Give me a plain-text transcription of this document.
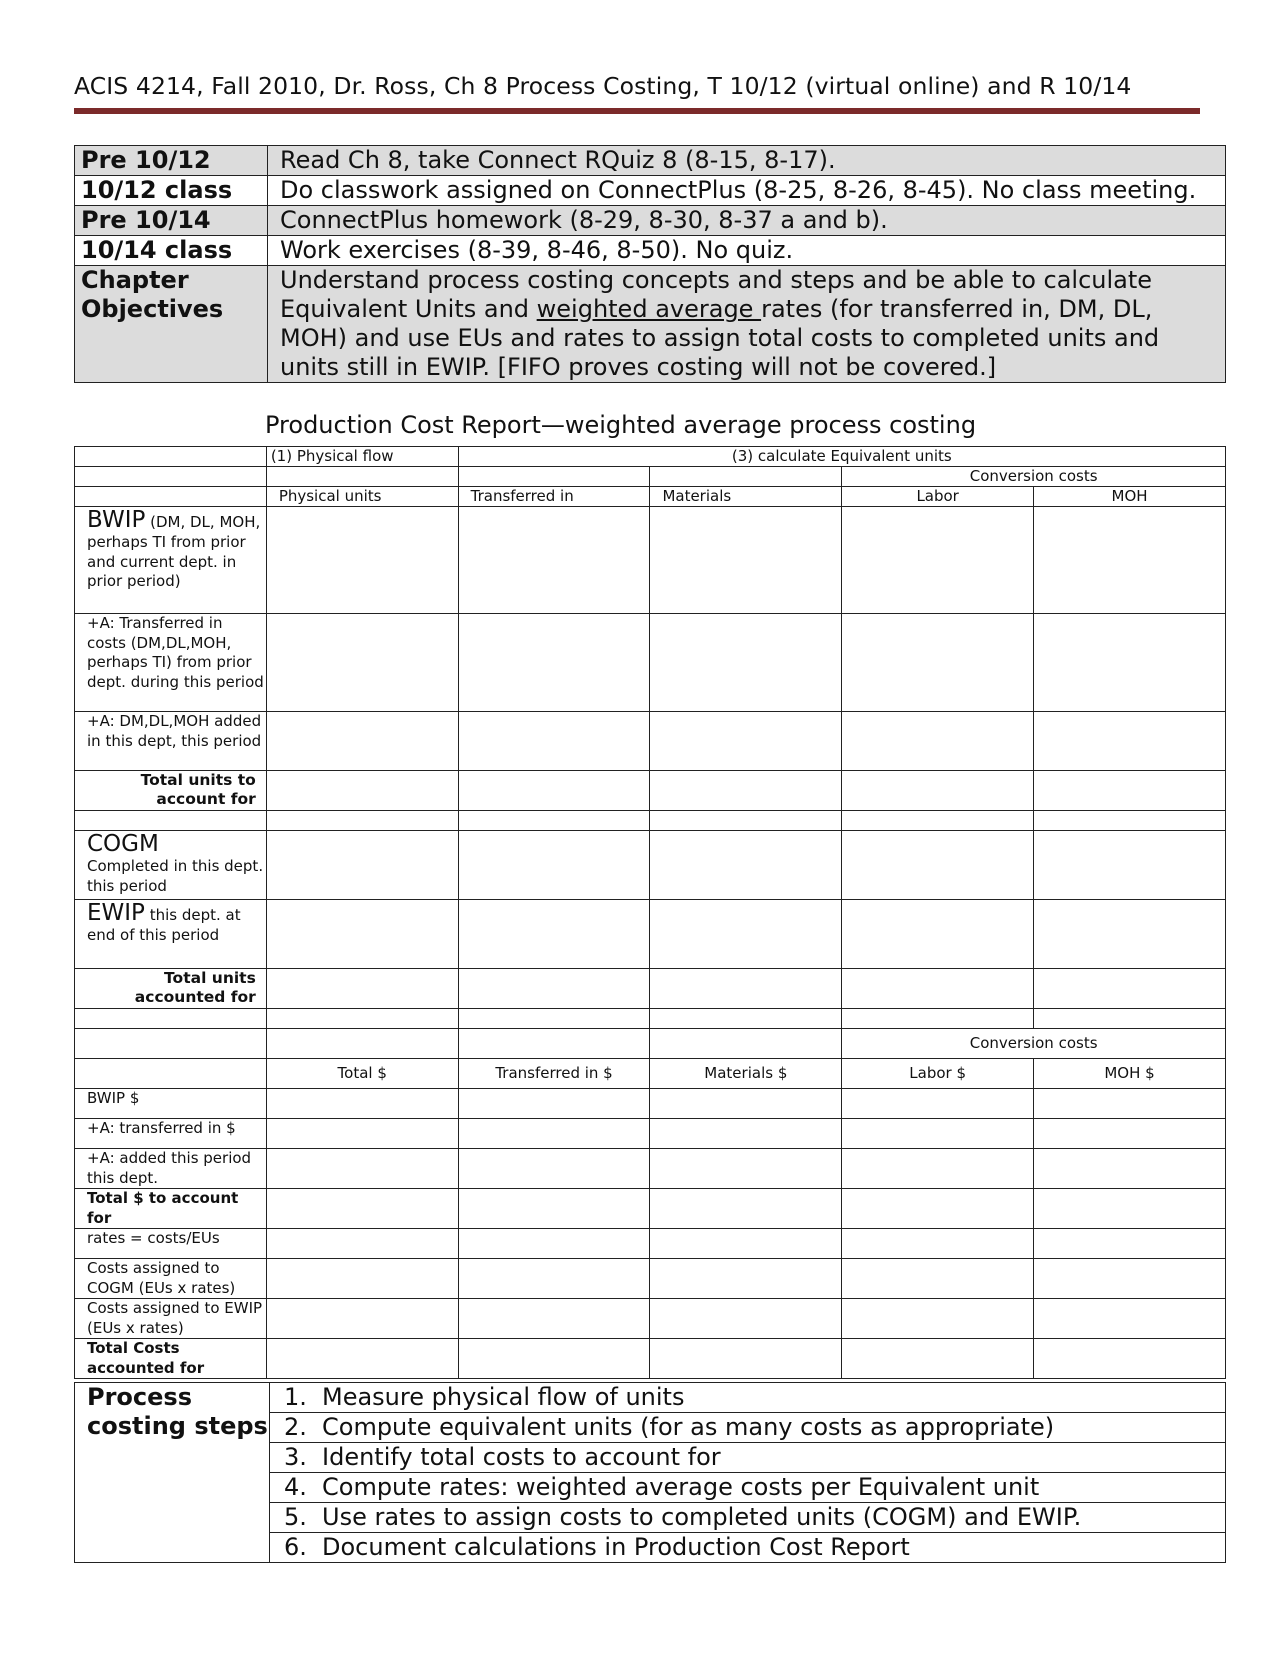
ACIS 4214, Fall 2010, Dr. Ross, Ch 8 Process Costing, T 10/12 (virtual online) and R 10/14
Pre 10/12	Read Ch 8, take Connect RQuiz 8 (8-15, 8-17).
10/12 class	Do classwork assigned on ConnectPlus (8-25, 8-26, 8-45). No class meeting.
Pre 10/14	ConnectPlus homework (8-29, 8-30, 8-37 a and b).
10/14 class	Work exercises (8-39, 8-46, 8-50). No quiz.
Chapter Objectives	Understand process costing concepts and steps and be able to calculate Equivalent Units and weighted average rates (for transferred in, DM, DL, MOH) and use EUs and rates to assign total costs to completed units and units still in EWIP. [FIFO proves costing will not be covered.]
Production Cost Report—weighted average process costing
	(1) Physical flow	(3) calculate Equivalent units			
				Conversion costs	
	Physical units	Transferred in	Materials	Labor	MOH
BWIP (DM, DL, MOH, perhaps TI from prior and current dept. in prior period)					
+A: Transferred in costs (DM,DL,MOH, perhaps TI) from prior dept. during this period					
+A: DM,DL,MOH added in this dept, this period					
Total units to account for					

COGM
Completed in this dept. this period					
EWIP this dept. at end of this period					
Total units accounted for					

				Conversion costs	
	Total $	Transferred in $	Materials $	Labor $	MOH $
BWIP $					
+A: transferred in $					
+A: added this period this dept.					
Total $ to account for					
rates = costs/EUs					
Costs assigned to COGM (EUs x rates)					
Costs assigned to EWIP (EUs x rates)					
Total Costs accounted for					
Process costing steps	1. Measure physical flow of units
2. Compute equivalent units (for as many costs as appropriate)
3. Identify total costs to account for
4. Compute rates: weighted average costs per Equivalent unit
5. Use rates to assign costs to completed units (COGM) and EWIP.
6. Document calculations in Production Cost Report
